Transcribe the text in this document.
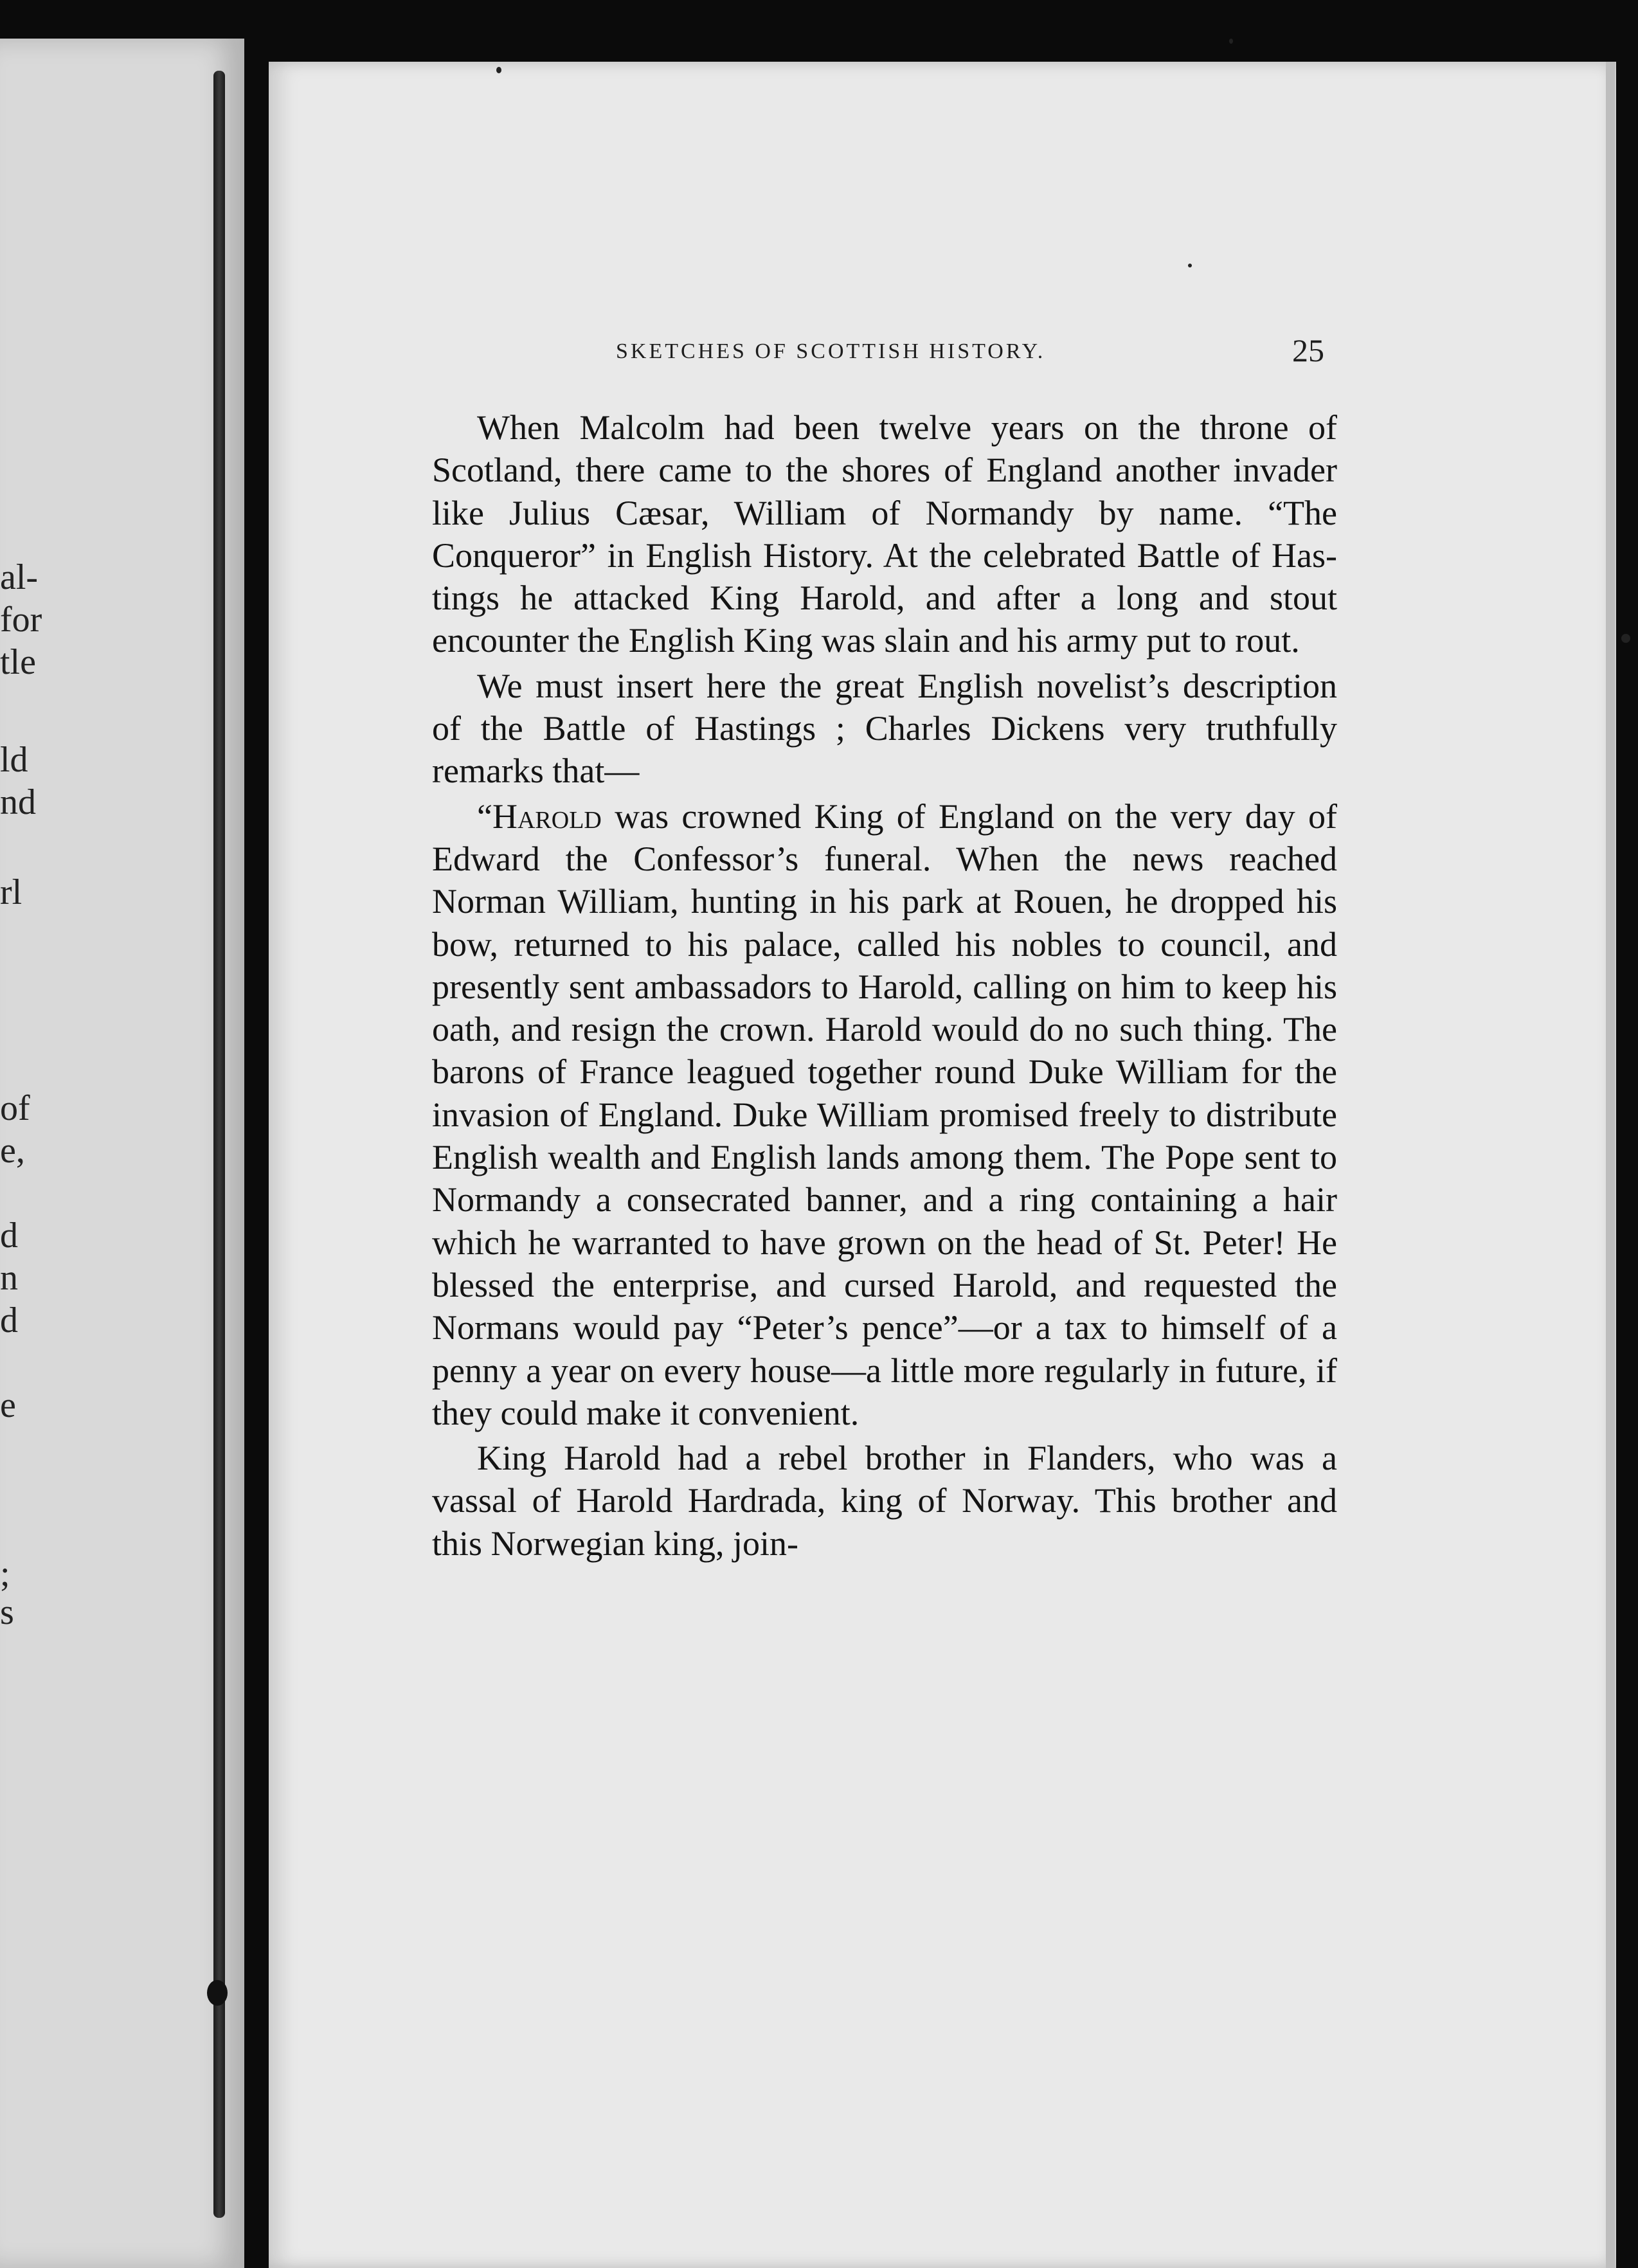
al-
for
tle
ld
nd
rl
of
e,
d
n
d
e
;
s
SKETCHES OF SCOTTISH HISTORY.	25

When Malcolm had been twelve years on the throne of Scotland, there came to the shores of England another invader like Julius Cæsar, William of Normandy by name. “The Conqueror” in English History. At the celebrated Battle of Hastings he attacked King Harold, and after a long and stout encounter the English King was slain and his army put to rout.

We must insert here the great English novelist’s description of the Battle of Hastings ; Charles Dickens very truthfully remarks that—

“Harold was crowned King of England on the very day of Edward the Confessor’s funeral. When the news reached Norman William, hunting in his park at Rouen, he dropped his bow, returned to his palace, called his nobles to council, and presently sent ambassadors to Harold, calling on him to keep his oath, and resign the crown. Harold would do no such thing. The barons of France leagued together round Duke William for the invasion of England. Duke William promised freely to distribute English wealth and English lands among them. The Pope sent to Normandy a consecrated banner, and a ring containing a hair which he warranted to have grown on the head of St. Peter! He blessed the enterprise, and cursed Harold, and requested the Normans would pay “Peter’s pence”—or a tax to himself of a penny a year on every house—a little more regularly in future, if they could make it convenient.

King Harold had a rebel brother in Flanders, who was a vassal of Harold Hardrada, king of Norway. This brother and this Norwegian king, join-
